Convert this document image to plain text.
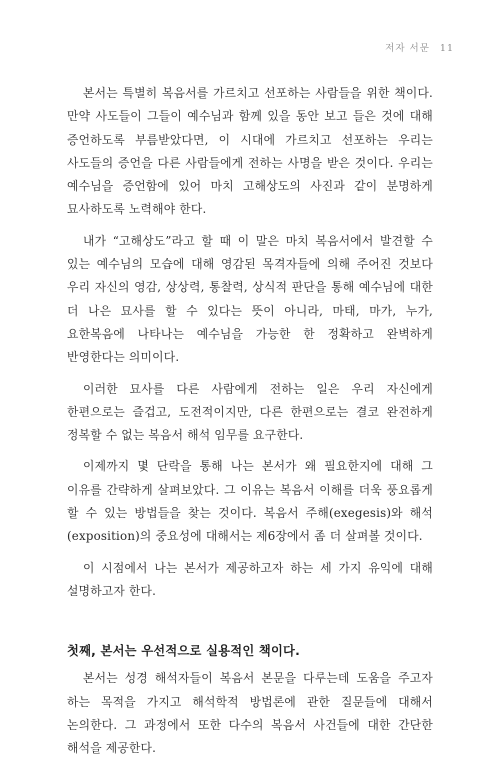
저자 서문 11

본서는 특별히 복음서를 가르치고 선포하는 사람들을 위한 책이다. 만약 사도들이 그들이 예수님과 함께 있을 동안 보고 들은 것에 대해 증언하도록 부름받았다면, 이 시대에 가르치고 선포하는 우리는 사도들의 증언을 다른 사람들에게 전하는 사명을 받은 것이다. 우리는 예수님을 증언함에 있어 마치 고해상도의 사진과 같이 분명하게 묘사하도록 노력해야 한다.

내가 “고해상도”라고 할 때 이 말은 마치 복음서에서 발견할 수 있는 예수님의 모습에 대해 영감된 목격자들에 의해 주어진 것보다 우리 자신의 영감, 상상력, 통찰력, 상식적 판단을 통해 예수님에 대한 더 나은 묘사를 할 수 있다는 뜻이 아니라, 마태, 마가, 누가, 요한복음에 나타나는 예수님을 가능한 한 정확하고 완벽하게 반영한다는 의미이다.

이러한 묘사를 다른 사람에게 전하는 일은 우리 자신에게 한편으로는 즐겁고, 도전적이지만, 다른 한편으로는 결코 완전하게 정복할 수 없는 복음서 해석 임무를 요구한다.

이제까지 몇 단락을 통해 나는 본서가 왜 필요한지에 대해 그 이유를 간략하게 살펴보았다. 그 이유는 복음서 이해를 더욱 풍요롭게 할 수 있는 방법들을 찾는 것이다. 복음서 주해(exegesis)와 해석(exposition)의 중요성에 대해서는 제6장에서 좀 더 살펴볼 것이다.

이 시점에서 나는 본서가 제공하고자 하는 세 가지 유익에 대해 설명하고자 한다.

첫째, 본서는 우선적으로 실용적인 책이다.

본서는 성경 해석자들이 복음서 본문을 다루는데 도움을 주고자 하는 목적을 가지고 해석학적 방법론에 관한 질문들에 대해서 논의한다. 그 과정에서 또한 다수의 복음서 사건들에 대한 간단한 해석을 제공한다.
